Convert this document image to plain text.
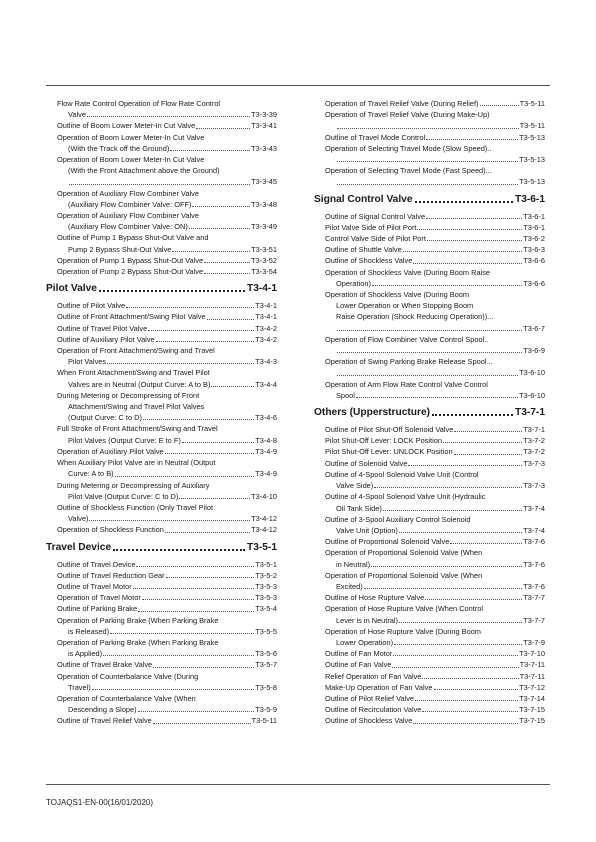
Flow Rate Control Operation of Flow Rate Control
Valve	T3-3-39
Outline of Boom Lower Meter-In Cut Valve	T3-3-41
Operation of Boom Lower Meter-In Cut Valve
(With the Track off the Ground)	T3-3-43
Operation of Boom Lower Meter-In Cut Valve
(With the Front Attachment above the Ground)
T3-3-45
Operation of Auxiliary Flow Combiner Valve
(Auxiliary Flow Combiner Valve: OFF)	T3-3-48
Operation of Auxiliary Flow Combiner Valve
(Auxiliary Flow Combiner Valve: ON)	T3-3-49
Outline of Pump 1 Bypass Shut-Out Valve and
Pump 2 Bypass Shut-Out Valve	T3-3-51
Operation of Pump 1 Bypass Shut-Out Valve	T3-3-52
Operation of Pump 2 Bypass Shut-Out Valve	T3-3-54
Pilot Valve	T3-4-1
Outline of Pilot Valve	T3-4-1
Outline of Front Attachment/Swing Pilot Valve	T3-4-1
Outline of Travel Pilot Valve	T3-4-2
Outline of Auxiliary Pilot Valve	T3-4-2
Operation of Front Attachment/Swing and Travel
Pilot Valves	T3-4-3
When Front Attachment/Swing and Travel Pilot
Valves are in Neutral (Output Curve: A to B)	T3-4-4
During Metering or Decompressing of Front
Attachment/Swing and Travel Pilot Valves
(Output Curve: C to D)	T3-4-6
Full Stroke of Front Attachment/Swing and Travel
Pilot Valves (Output Curve: E to F)	T3-4-8
Operation of Auxiliary Pilot Valve	T3-4-9
When Auxiliary Pilot Valve are in Neutral (Output
Curve: A to B)	T3-4-9
During Metering or Decompressing of Auxiliary
Pilot Valve (Output Curve: C to D)	T3-4-10
Outline of Shockless Function (Only Travel Pilot
Valve)	T3-4-12
Operation of Shockless Function	T3-4-12
Travel Device	T3-5-1
Outline of Travel Device	T3-5-1
Outline of Travel Reduction Gear	T3-5-2
Outline of Travel Motor	T3-5-3
Operation of Travel Motor	T3-5-3
Outline of Parking Brake	T3-5-4
Operation of Parking Brake (When Parking Brake
is Released)	T3-5-5
Operation of Parking Brake (When Parking Brake
is Applied)	T3-5-6
Outline of Travel Brake Valve	T3-5-7
Operation of Counterbalance Valve (During
Travel)	T3-5-8
Operation of Counterbalance Valve (When
Descending a Slope)	T3-5-9
Outline of Travel Relief Valve	T3-5-11
Operation of Travel Relief Valve (During Relief)	T3-5-11
Operation of Travel Relief Valve (During Make-Up)
T3-5-11
Outline of Travel Mode Control	T3-5-13
Operation of Selecting Travel Mode (Slow Speed)..
T3-5-13
Operation of Selecting Travel Mode (Fast Speed)...
T3-5-13
Signal Control Valve	T3-6-1
Outline of Signal Control Valve	T3-6-1
Pilot Valve Side of Pilot Port	T3-6-1
Control Valve Side of Pilot Port	T3-6-2
Outline of Shuttle Valve	T3-6-3
Outline of Shockless Valve	T3-6-6
Operation of Shockless Valve (During Boom Raise
Operation)	T3-6-6
Operation of Shockless Valve (During Boom
Lower Operation or When Stopping Boom
Raise Operation (Shock Reducing Operation))...
T3-6-7
Operation of Flow Combiner Valve Control Spool..
T3-6-9
Operation of Swing Parking Brake Release Spool...
T3-6-10
Operation of Arm Flow Rate Control Valve Control
Spool	T3-6-10
Others (Upperstructure)	T3-7-1
Outline of Pilot Shut-Off Solenoid Valve	T3-7-1
Pilot Shut-Off Lever: LOCK Position	T3-7-2
Pilot Shut-Off Lever: UNLOCK Position	T3-7-2
Outline of Solenoid Valve	T3-7-3
Outline of 4-Spool Solenoid Valve Unit (Control
Valve Side)	T3-7-3
Outline of 4-Spool Solenoid Valve Unit (Hydraulic
Oil Tank Side)	T3-7-4
Outline of 3-Spool Auxiliary Control Solenoid
Valve Unit (Option)	T3-7-4
Outline of Proportional Solenoid Valve	T3-7-6
Operation of Proportional Solenoid Valve (When
in Neutral)	T3-7-6
Operation of Proportional Solenoid Valve (When
Excited)	T3-7-6
Outline of Hose Rupture Valve	T3-7-7
Operation of Hose Rupture Valve (When Control
Lever is in Neutral)	T3-7-7
Operation of Hose Rupture Valve (During Boom
Lower Operation)	T3-7-9
Outline of Fan Motor	T3-7-10
Outline of Fan Valve	T3-7-11
Relief Operation of Fan Valve	T3-7-11
Make-Up Operation of Fan Valve	T3-7-12
Outline of Pilot Relief Valve	T3-7-14
Outline of Recirculation Valve	T3-7-15
Outline of Shockless Valve	T3-7-15
TOJAQS1-EN-00(16/01/2020)
